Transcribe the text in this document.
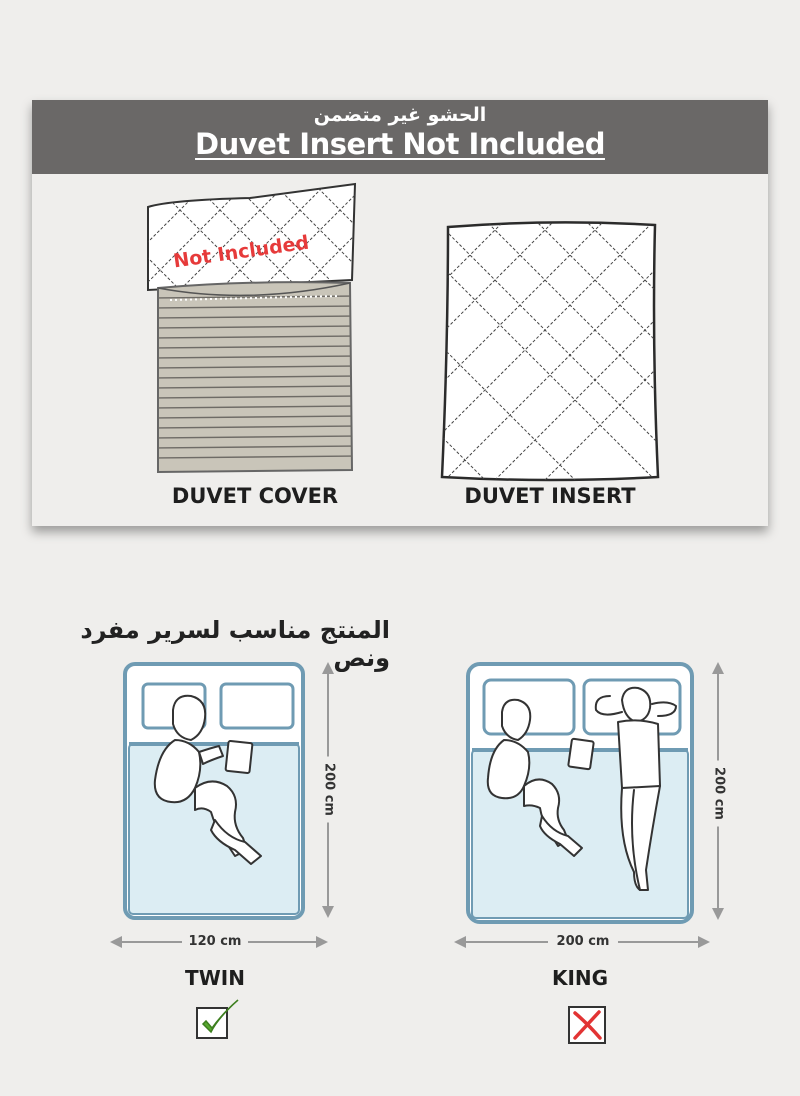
الحشو غير متضمن
Duvet Insert Not Included
Not Included
DUVET COVER	DUVET INSERT
المنتج مناسب لسرير مفرد ونص
200 cm
120 cm
TWIN
200 cm
200 cm
KING
